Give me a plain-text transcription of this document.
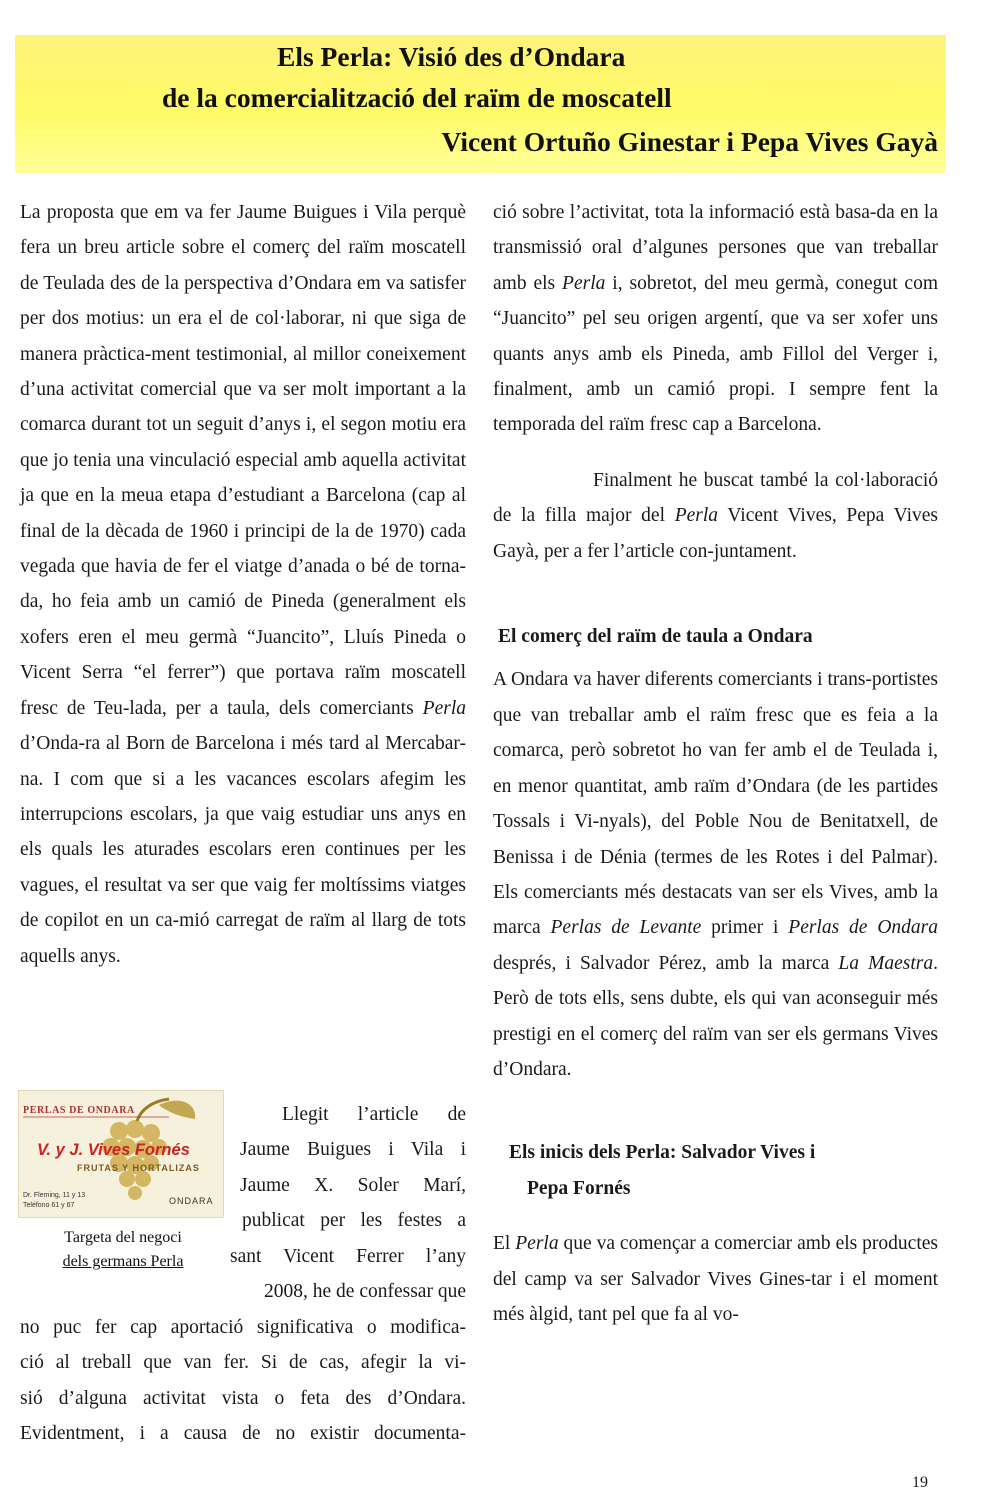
Els Perla: Visió des d’Ondara
de la comercialització del raïm de moscatell
Vicent Ortuño Ginestar i Pepa Vives Gayà

La proposta que em va fer Jaume Buigues i Vila perquè fera un breu article sobre el comerç del raïm moscatell de Teulada des de la perspectiva d’Ondara em va satisfer per dos motius: un era el de col·laborar, ni que siga de manera pràctica-ment testimonial, al millor coneixement d’una activitat comercial que va ser molt important a la comarca durant tot un seguit d’anys i, el segon motiu era que jo tenia una vinculació especial amb aquella activitat ja que en la meua etapa d’estudiant a Barcelona (cap al final de la dècada de 1960 i principi de la de 1970) cada vegada que havia de fer el viatge d’anada o bé de torna-da, ho feia amb un camió de Pineda (generalment els xofers eren el meu germà “Juancito”, Lluís Pineda o Vicent Serra “el ferrer”) que portava raïm moscatell fresc de Teu-lada, per a taula, dels comerciants Perla d’Onda-ra al Born de Barcelona i més tard al Mercabar-na. I com que si a les vacances escolars afegim les interrupcions escolars, ja que vaig estudiar uns anys en els quals les aturades escolars eren continues per les vagues, el resultat va ser que vaig fer moltíssims viatges de copilot en un ca-mió carregat de raïm al llarg de tots aquells anys.

PERLAS DE ONDARA

V. y J. Vives Fornés

FRUTAS Y HORTALIZAS

Dr. Fleming, 11 y 13

Teléfono 61 y 67	ONDARA

Targeta del negoci
dels germans Perla
Llegit l’article de
Jaume Buigues i Vila i
Jaume X. Soler Marí,
publicat per les festes a
sant Vicent Ferrer l’any
2008, he de confessar que
no puc fer cap aportació significativa o modifica-
ció al treball que van fer. Si de cas, afegir la vi-
sió d’alguna activitat vista o feta des d’Ondara.
Evidentment, i a causa de no existir documenta-

ció sobre l’activitat, tota la informació està basa-da en la transmissió oral d’algunes persones que van treballar amb els Perla i, sobretot, del meu germà, conegut com “Juancito” pel seu origen argentí, que va ser xofer uns quants anys amb els Pineda, amb Fillol del Verger i, finalment, amb un camió propi. I sempre fent la temporada del raïm fresc cap a Barcelona.

Finalment he buscat també la col·laboració de la filla major del Perla Vicent Vives, Pepa Vives Gayà, per a fer l’article con-juntament.

El comerç del raïm de taula a Ondara

A Ondara va haver diferents comerciants i trans-portistes que van treballar amb el raïm fresc que es feia a la comarca, però sobretot ho van fer amb el de Teulada i, en menor quantitat, amb raïm d’Ondara (de les partides Tossals i Vi-nyals), del Poble Nou de Benitatxell, de Benissa i de Dénia (termes de les Rotes i del Palmar). Els comerciants més destacats van ser els Vives, amb la marca Perlas de Levante primer i Perlas de Ondara després, i Salvador Pérez, amb la marca La Maestra. Però de tots ells, sens dubte, els qui van aconseguir més prestigi en el comerç del raïm van ser els germans Vives d’Ondara.

Els inicis dels Perla: Salvador Vives i
Pepa Fornés

El Perla que va començar a comerciar amb els productes del camp va ser Salvador Vives Gines-tar i el moment més àlgid, tant pel que fa al vo-

19
